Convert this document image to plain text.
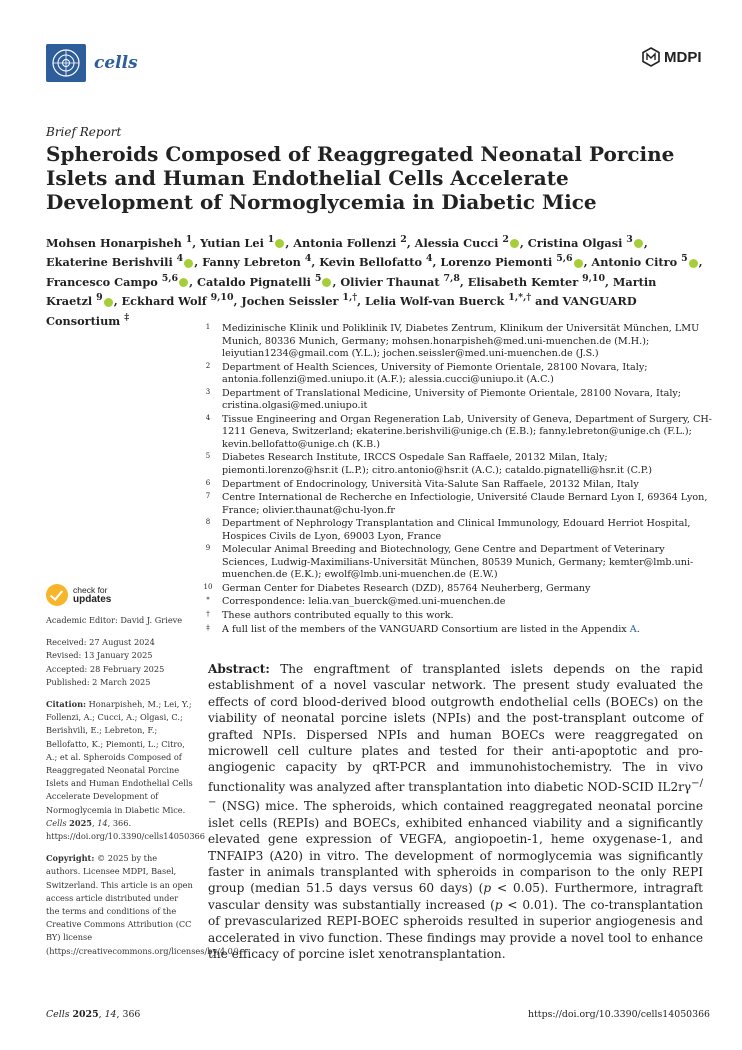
cells	MDPI
Brief Report
Spheroids Composed of Reaggregated Neonatal Porcine Islets and Human Endothelial Cells Accelerate Development of Normoglycemia in Diabetic Mice
Mohsen Honarpisheh $^1$, Yutian Lei $^1$ , Antonia Follenzi $^2$, Alessia Cucci $^2$ , Cristina Olgasi $^3$ , Ekaterine Berishvili $^4$ , Fanny Lebreton $^4$, Kevin Bellofatto $^4$, Lorenzo Piemonti $^{5,6}$ , Antonio Citro $^5$ , Francesco Campo $^{5,6}$ , Cataldo Pignatelli $^5$ , Olivier Thaunat $^{7,8}$, Elisabeth Kemter $^{9,10}$, Martin Kraetzl $^9$ , Eckhard Wolf $^{9,10}$, Jochen Seissler $^{1,\dagger}$, Lelia Wolf-van Buerck $^{1,*,\dagger}$ and VANGUARD Consortium ‡
1	Medizinische Klinik und Poliklinik IV, Diabetes Zentrum, Klinikum der Universität München, LMU Munich, 80336 Munich, Germany; mohsen.honarpisheh@med.uni-muenchen.de (M.H.); leiyutian1234@gmail.com (Y.L.); jochen.seissler@med.uni-muenchen.de (J.S.)
2	Department of Health Sciences, University of Piemonte Orientale, 28100 Novara, Italy; antonia.follenzi@med.uniupo.it (A.F.); alessia.cucci@uniupo.it (A.C.)
3	Department of Translational Medicine, University of Piemonte Orientale, 28100 Novara, Italy; cristina.olgasi@med.uniupo.it
4	Tissue Engineering and Organ Regeneration Lab, University of Geneva, Department of Surgery, CH-1211 Geneva, Switzerland; ekaterine.berishvili@unige.ch (E.B.); fanny.lebreton@unige.ch (F.L.); kevin.bellofatto@unige.ch (K.B.)
5	Diabetes Research Institute, IRCCS Ospedale San Raffaele, 20132 Milan, Italy; piemonti.lorenzo@hsr.it (L.P.); citro.antonio@hsr.it (A.C.); cataldo.pignatelli@hsr.it (C.P.)
6	Department of Endocrinology, Università Vita-Salute San Raffaele, 20132 Milan, Italy
7	Centre International de Recherche en Infectiologie, Université Claude Bernard Lyon I, 69364 Lyon, France; olivier.thaunat@chu-lyon.fr
8	Department of Nephrology Transplantation and Clinical Immunology, Edouard Herriot Hospital, Hospices Civils de Lyon, 69003 Lyon, France
9	Molecular Animal Breeding and Biotechnology, Gene Centre and Department of Veterinary Sciences, Ludwig-Maximilians-Universität München, 80539 Munich, Germany; kemter@lmb.uni-muenchen.de (E.K.); ewolf@lmb.uni-muenchen.de (E.W.)
10 German Center for Diabetes Research (DZD), 85764 Neuherberg, Germany
*	Correspondence: lelia.van_buerck@med.uni-muenchen.de
†	These authors contributed equally to this work.
‡	A full list of the members of the VANGUARD Consortium are listed in the Appendix A.
check for
updates

Academic Editor: David J. Grieve

Received: 27 August 2024
Revised: 13 January 2025
Accepted: 28 February 2025

Published: 2 March 2025

Citation: Honarpisheh, M.; Lei, Y.; Follenzi, A.; Cucci, A.; Olgasi, C.; Berishvili, E.; Lebreton, F.; Bellofatto, K.; Piemonti, L.; Citro, A.; et al. Spheroids Composed of Reaggregated Neonatal Porcine Islets and Human Endothelial Cells Accelerate Development of Normoglycemia in Diabetic Mice. Cells 2025, 14, 366. https://doi.org/10.3390/cells14050366

Copyright: © 2025 by the authors. Licensee MDPI, Basel, Switzerland. This article is an open access article distributed under the terms and conditions of the Creative Commons Attribution (CC BY) license (https://creativecommons.org/licenses/by/4.0/).

Abstract: The engraftment of transplanted islets depends on the rapid establishment of a novel vascular network. The present study evaluated the effects of cord blood-derived blood outgrowth endothelial cells (BOECs) on the viability of neonatal porcine islets (NPIs) and the post-transplant outcome of grafted NPIs. Dispersed NPIs and human BOECs were reaggregated on microwell cell culture plates and tested for their anti-apoptotic and pro-angiogenic capacity by qRT-PCR and immunohistochemistry. The in vivo functionality was analyzed after transplantation into diabetic NOD-SCID IL2rγ−/− (NSG) mice. The spheroids, which contained reaggregated neonatal porcine islet cells (REPIs) and BOECs, exhibited enhanced viability and a significantly elevated gene expression of VEGFA, angiopoetin-1, heme oxygenase-1, and TNFAIP3 (A20) in vitro. The development of normoglycemia was significantly faster in animals transplanted with spheroids in comparison to the only REPI group (median 51.5 days versus 60 days) (p < 0.05). Furthermore, intragraft vascular density was substantially increased (p < 0.01). The co-transplantation of prevascularized REPI-BOEC spheroids resulted in superior angiogenesis and accelerated in vivo function. These findings may provide a novel tool to enhance the efficacy of porcine islet xenotransplantation.
Cells 2025, 14, 366	https://doi.org/10.3390/cells14050366
